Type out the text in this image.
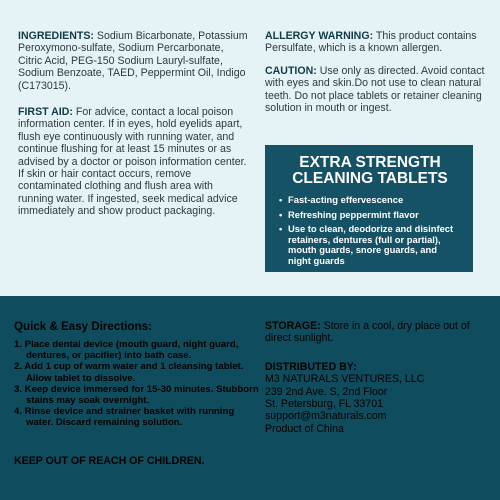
INGREDIENTS: Sodium Bicarbonate, Potassium Peroxymono-sulfate, Sodium Percarbonate, Citric Acid, PEG-150 Sodium Lauryl-sulfate, Sodium Benzoate, TAED, Peppermint Oil, Indigo (C173015).
FIRST AID: For advice, contact a local poison information center. If in eyes, hold eyelids apart, flush eye continuously with running water, and continue flushing for at least 15 minutes or as advised by a doctor or poison information center. If skin or hair contact occurs, remove contaminated clothing and flush area with running water. If ingested, seek medical advice immediately and show product packaging.
ALLERGY WARNING: This product contains Persulfate, which is a known allergen.
CAUTION: Use only as directed. Avoid contact with eyes and skin.Do not use to clean natural teeth. Do not place tablets or retainer cleaning solution in mouth or ingest.
EXTRA STRENGTH CLEANING TABLETS
• Fast-acting effervescence
• Refreshing peppermint flavor
• Use to clean, deodorize and disinfect retainers, dentures (full or partial), mouth guards, snore guards, and night guards
Quick & Easy Directions:
1. Place dental device (mouth guard, night guard, dentures, or pacifier) into bath case.
2. Add 1 cup of warm water and 1 cleansing tablet. Allow tablet to dissolve.
3. Keep device immersed for 15-30 minutes. Stubborn stains may soak overnight.
4. Rinse device and strainer basket with running water. Discard remaining solution.
KEEP OUT OF REACH OF CHILDREN.
STORAGE: Store in a cool, dry place out of direct sunlight.
DISTRIBUTED BY:
M3 NATURALS VENTURES, LLC
239 2nd Ave. S, 2nd Floor
St. Petersburg, FL 33701
support@m3naturals.com
Product of China
